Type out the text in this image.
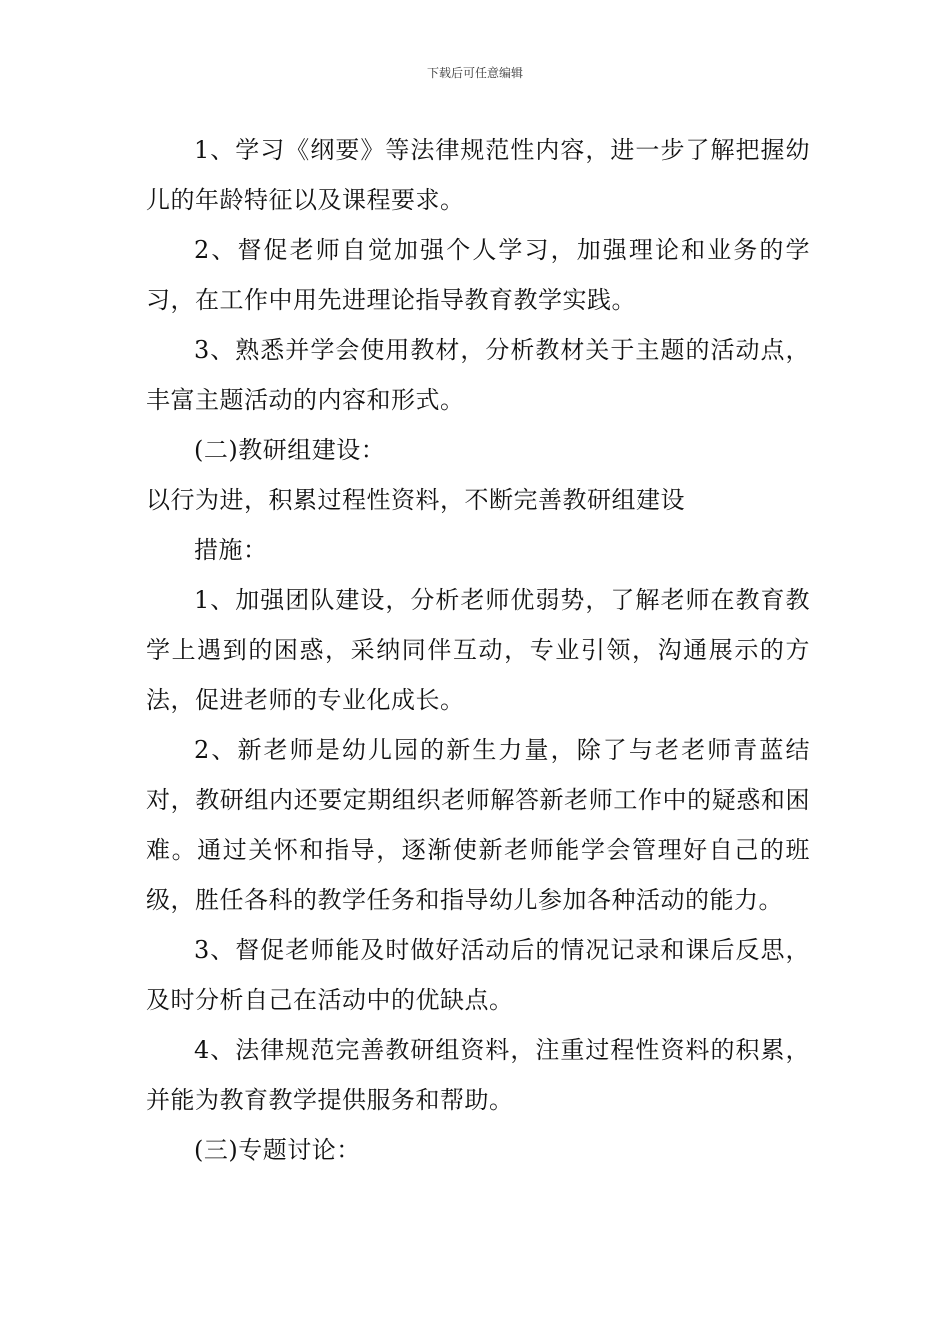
下载后可任意编辑

1、学习《纲要》等法律规范性内容，进一步了解把握幼儿的年龄特征以及课程要求。

2、督促老师自觉加强个人学习，加强理论和业务的学习，在工作中用先进理论指导教育教学实践。

3、熟悉并学会使用教材，分析教材关于主题的活动点，丰富主题活动的内容和形式。

(二)教研组建设：

以行为进，积累过程性资料，不断完善教研组建设

措施：

1、加强团队建设，分析老师优弱势，了解老师在教育教学上遇到的困惑，采纳同伴互动，专业引领，沟通展示的方法，促进老师的专业化成长。

2、新老师是幼儿园的新生力量，除了与老老师青蓝结对，教研组内还要定期组织老师解答新老师工作中的疑惑和困难。通过关怀和指导，逐渐使新老师能学会管理好自己的班级，胜任各科的教学任务和指导幼儿参加各种活动的能力。

3、督促老师能及时做好活动后的情况记录和课后反思，及时分析自己在活动中的优缺点。

4、法律规范完善教研组资料，注重过程性资料的积累，并能为教育教学提供服务和帮助。

(三)专题讨论：
